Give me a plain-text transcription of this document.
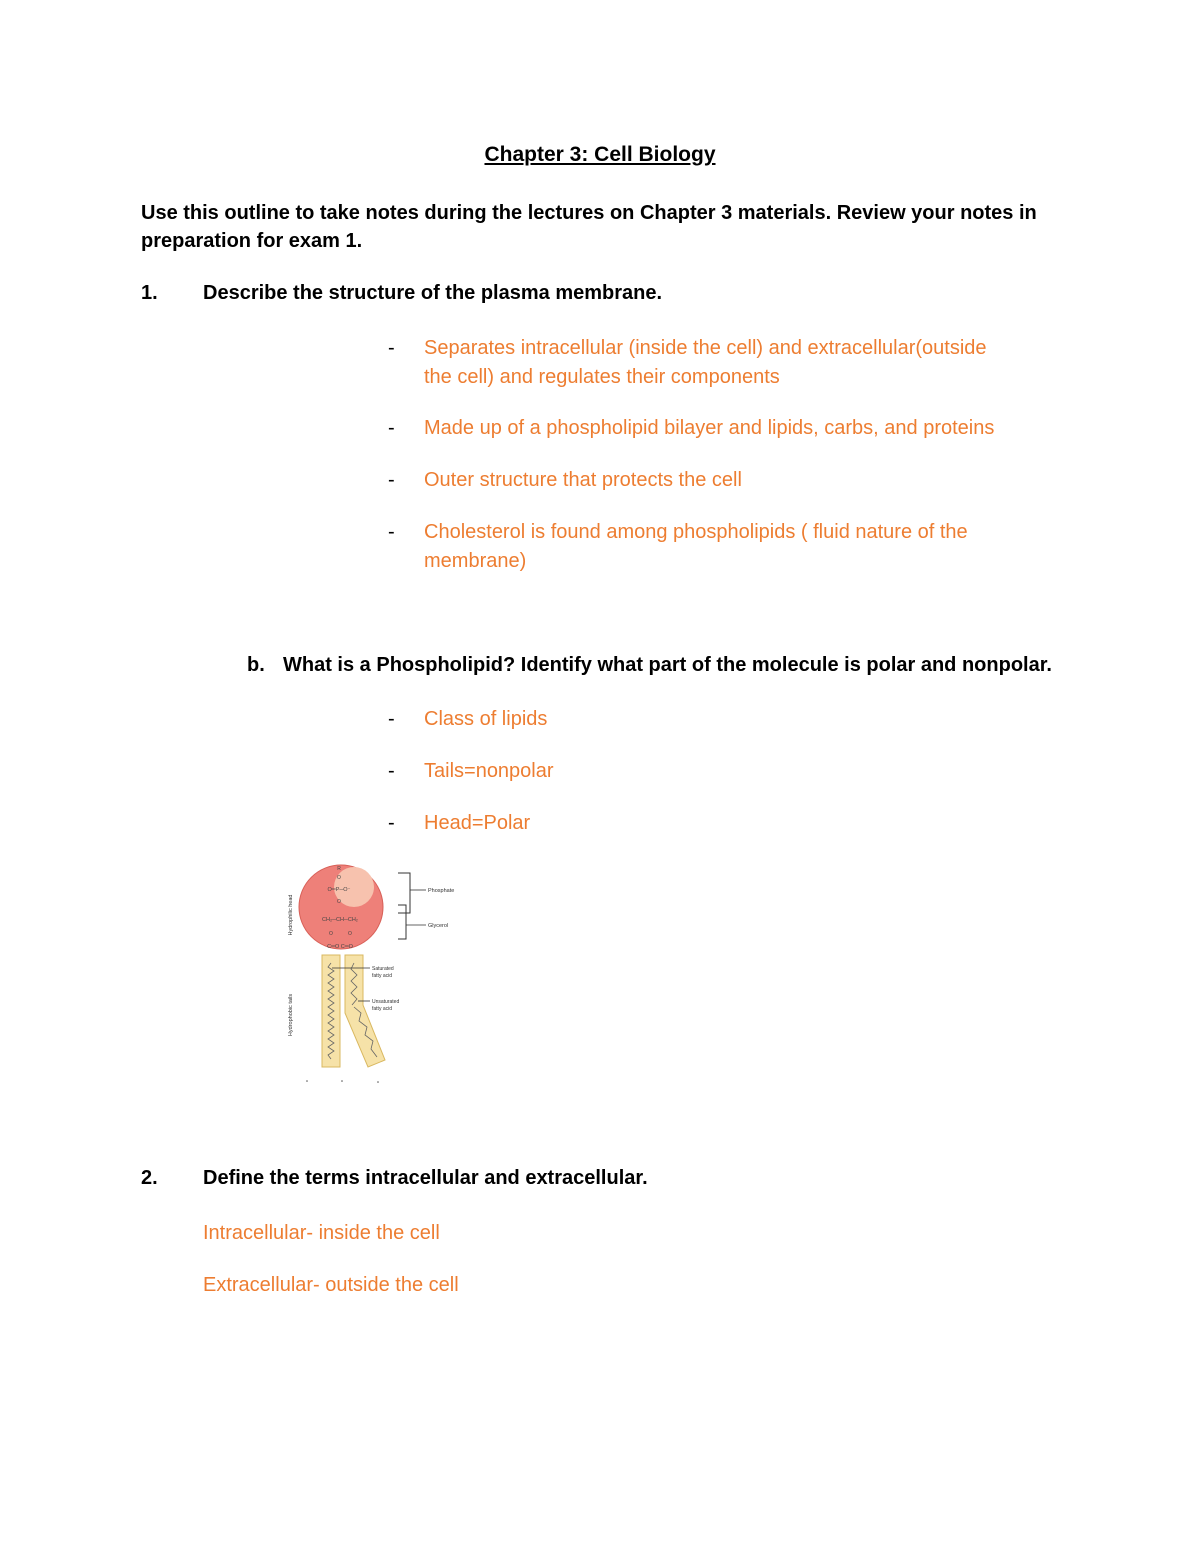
Chapter 3: Cell Biology
Use this outline to take notes during the lectures on Chapter 3 materials. Review your notes in
preparation for exam 1.
1. Describe the structure of the plasma membrane.
-	Separates intracellular (inside the cell) and extracellular(outside
the cell) and regulates their components
-	Made up of a phospholipid bilayer and lipids, carbs, and proteins
-	Outer structure that protects the cell
-	Cholesterol is found among phospholipids ( fluid nature of the
membrane)
b. What is a Phospholipid? Identify what part of the molecule is polar and nonpolar.
-	Class of lipids
-	Tails=nonpolar
-	Head=Polar
Hydrophilic head
Hydrophobic tails
R
O
O═P─O⁻
O
CH₂─CH─CH₂
O	O
C═O C═O
Phosphate
Glycerol
Saturated
fatty acid
Unsaturated
fatty acid
2. Define the terms intracellular and extracellular.
Intracellular- inside the cell
Extracellular- outside the cell
